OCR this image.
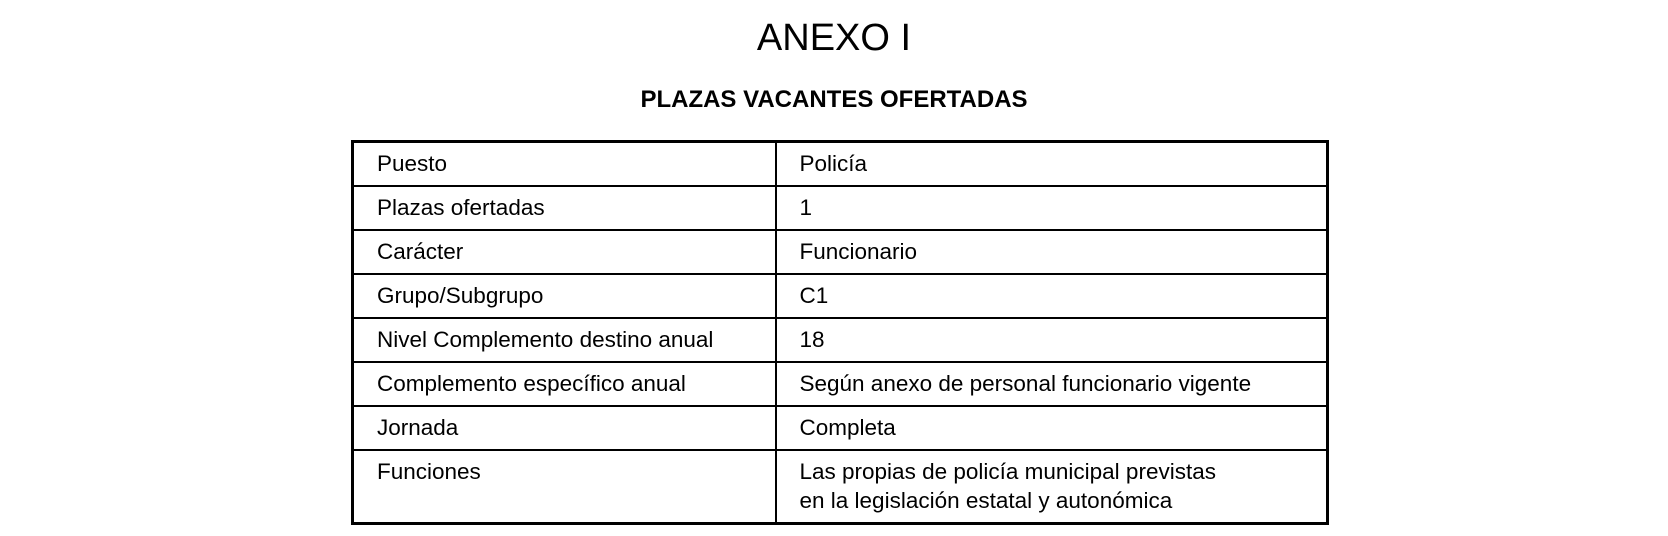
ANEXO I
PLAZAS VACANTES OFERTADAS
Puesto	Policía
Plazas ofertadas	1
Carácter	Funcionario
Grupo/Subgrupo	C1
Nivel Complemento destino anual	18
Complemento específico anual	Según anexo de personal funcionario vigente
Jornada	Completa
Funciones	Las propias de policía municipal previstas
en la legislación estatal y autonómica
